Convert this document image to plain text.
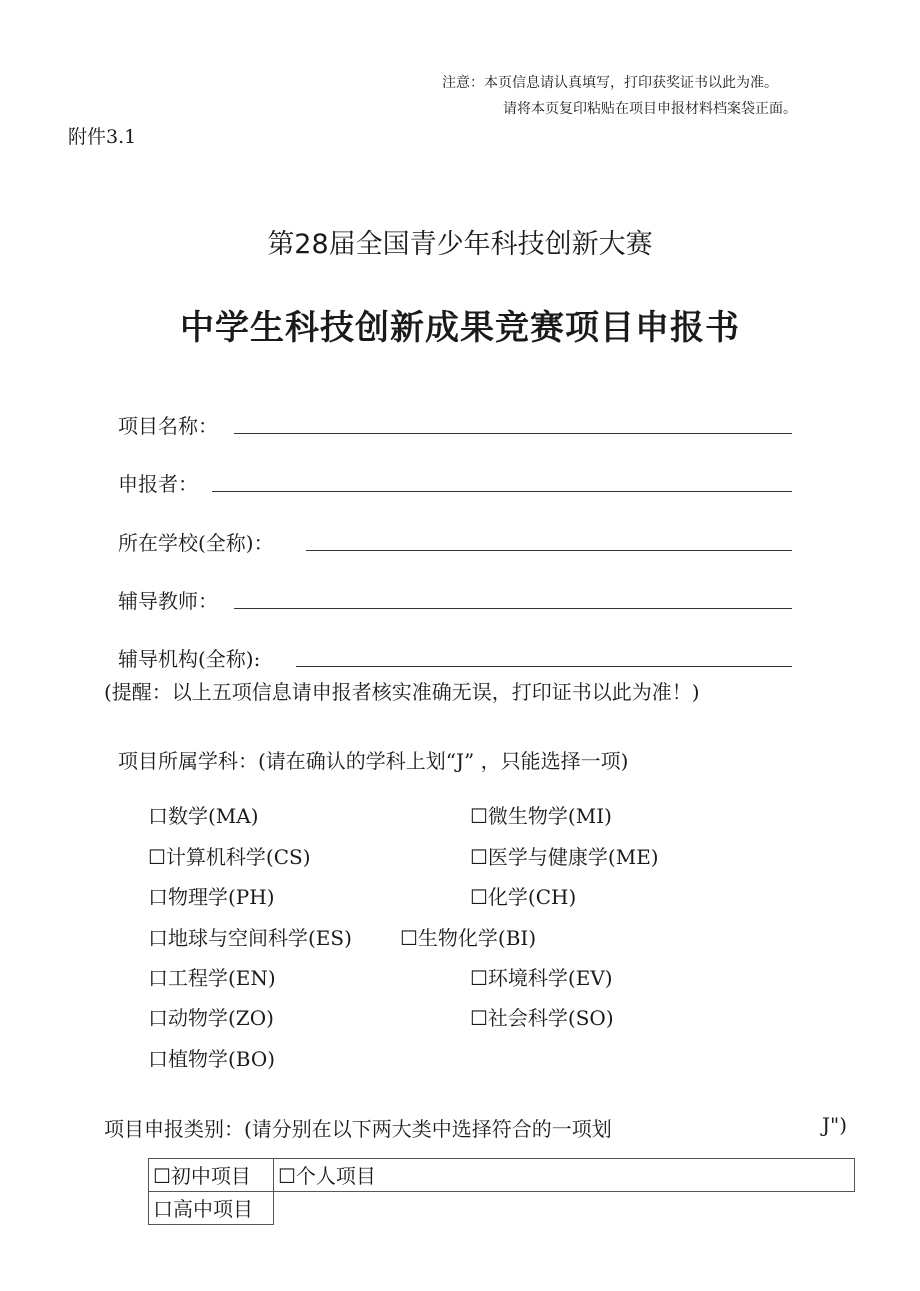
注意：本页信息请认真填写，打印获奖证书以此为准。
请将本页复印粘贴在项目申报材料档案袋正面。
附件3.1
第28届全国青少年科技创新大赛
中学生科技创新成果竞赛项目申报书
项目名称：
申报者：
所在学校(全称)：
辅导教师：
辅导机构(全称):
(提醒：以上五项信息请申报者核实准确无误，打印证书以此为准！)
项目所属学科：(请在确认的学科上划“J” ，只能选择一项)
口数学(MA)	☐微生物学(MI)
☐计算机科学(CS)	☐医学与健康学(ME)
口物理学(PH)	☐化学(CH)
口地球与空间科学(ES) ☐生物化学(BI)
口工程学(EN)	☐环境科学(EV)
口动物学(ZO)	☐社会科学(SO)
口植物学(BO)
项目申报类别：(请分别在以下两大类中选择符合的一项划	J")
☐初中项目	☐个人项目
口高中项目	
